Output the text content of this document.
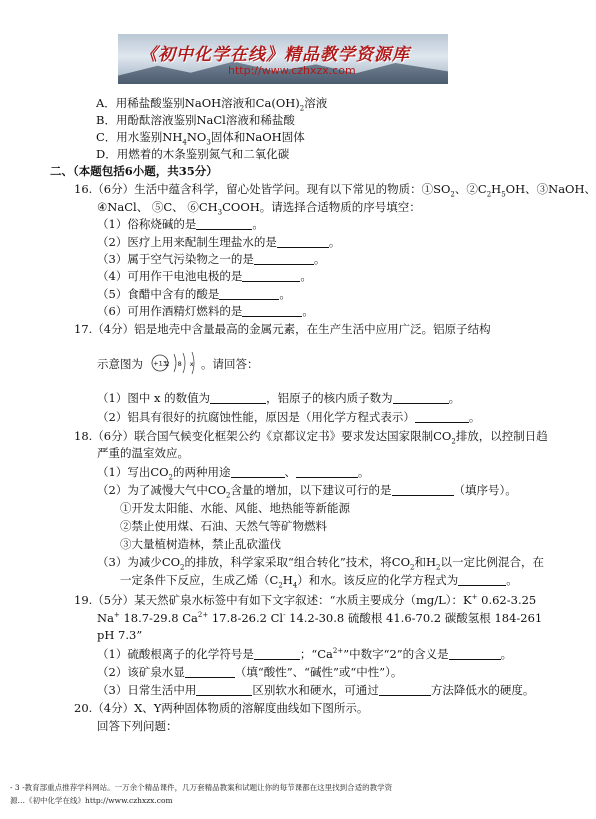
《初中化学在线》精品教学资源库
http://www.czhxzx.com
A．用稀盐酸鉴别NaOH溶液和$Ca(OH)_2$溶液
B．用酚酞溶液鉴别NaCl溶液和稀盐酸
C．用水鉴别$NH_4NO_3$固体和NaOH固体
D．用燃着的木条鉴别氮气和二氧化碳
二、（本题包括6小题，共35分）
16.（6分）生活中蕴含科学，留心处皆学问。现有以下常见的物质：$①SO_2$、$②C_2H_5OH$、③NaOH、
④NaCl、 ⑤C、 $⑥CH_3COOH$。请选择合适物质的序号填空：
（1）俗称烧碱的是	。
（2）医疗上用来配制生理盐水的是	。
（3）属于空气污染物之一的是	。
（4）可用作干电池电极的是	。
（5）食醋中含有的酸是	。
（6）可用作酒精灯燃料的是	。
17.（4分）铝是地壳中含量最高的金属元素，在生产生活中应用广泛。铝原子结构
示意图为	。请回答：
+13
2 8 x
（1）图中 x 的数值为	，铝原子的核内质子数为	。
（2）铝具有很好的抗腐蚀性能，原因是（用化学方程式表示）	。
18.（6分）联合国气候变化框架公约《京都议定书》要求发达国家限制$CO_2$排放，以控制日趋
严重的温室效应。
（1）写出$CO_2$的两种用途	、	。
（2）为了减慢大气中$CO_2$含量的增加，以下建议可行的是	（填序号）。
①开发太阳能、水能、风能、地热能等新能源
②禁止使用煤、石油、天然气等矿物燃料
③大量植树造林，禁止乱砍滥伐
（3）为减少$CO_2$的排放，科学家采取“组合转化”技术，将$CO_2$和$H_2$以一定比例混合，在
一定条件下反应，生成乙烯$(C_2H_4)$和水。该反应的化学方程式为	。
19.（5分）某天然矿泉水标签中有如下文字叙述：“水质主要成分（mg/L）：K+ 0.62-3.25
Na+ 18.7-29.8 $Ca^{2+}$ 17.8-26.2 Cl- 14.2-30.8 硫酸根 41.6-70.2 碳酸氢根 184-261
pH 7.3”
（1）硫酸根离子的化学符号是	；“$Ca^{2+}$”中数字“2”的含义是	。
（2）该矿泉水显	（填“酸性”、“碱性”或“中性”）。
（3）日常生活中用	区别软水和硬水，可通过	方法降低水的硬度。
20.（4分）X、Y两种固体物质的溶解度曲线如下图所示。
回答下列问题：
- 3 -教育部重点推荐学科网站。一万余个精品课件，几万套精品教案和试题让你的每节课都在这里找到合适的教学资
源…《初中化学在线》http://www.czhxzx.com
